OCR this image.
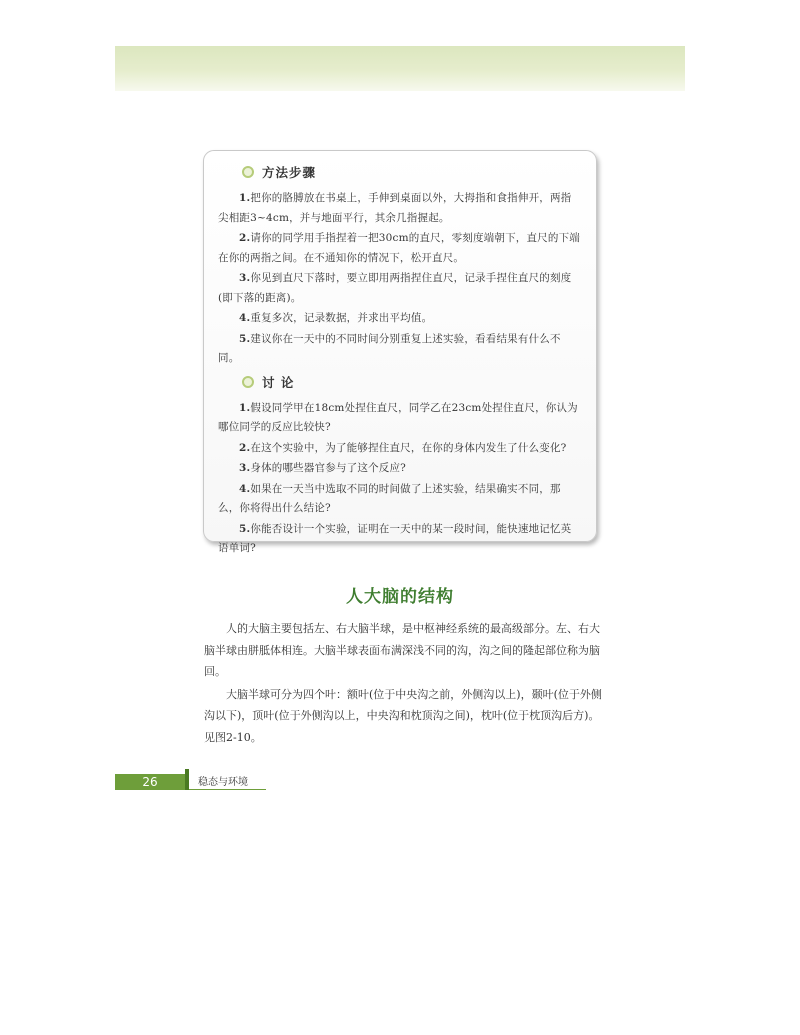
方法步骤

1.把你的胳膊放在书桌上，手伸到桌面以外，大拇指和食指伸开，两指尖相距3~4cm，并与地面平行，其余几指握起。

2.请你的同学用手指捏着一把30cm的直尺，零刻度端朝下，直尺的下端在你的两指之间。在不通知你的情况下，松开直尺。

3.你见到直尺下落时，要立即用两指捏住直尺，记录手捏住直尺的刻度(即下落的距离)。

4.重复多次，记录数据，并求出平均值。

5.建议你在一天中的不同时间分别重复上述实验，看看结果有什么不同。

讨 论

1.假设同学甲在18cm处捏住直尺，同学乙在23cm处捏住直尺，你认为哪位同学的反应比较快?

2.在这个实验中，为了能够捏住直尺，在你的身体内发生了什么变化?

3.身体的哪些器官参与了这个反应?

4.如果在一天当中选取不同的时间做了上述实验，结果确实不同，那么，你将得出什么结论?

5.你能否设计一个实验，证明在一天中的某一段时间，能快速地记忆英语单词?

人大脑的结构

人的大脑主要包括左、右大脑半球，是中枢神经系统的最高级部分。左、右大脑半球由胼胝体相连。大脑半球表面布满深浅不同的沟，沟之间的隆起部位称为脑回。

大脑半球可分为四个叶：额叶(位于中央沟之前，外侧沟以上)，颞叶(位于外侧沟以下)，顶叶(位于外侧沟以上，中央沟和枕顶沟之间)，枕叶(位于枕顶沟后方)。见图2-10。

26	稳态与环境
